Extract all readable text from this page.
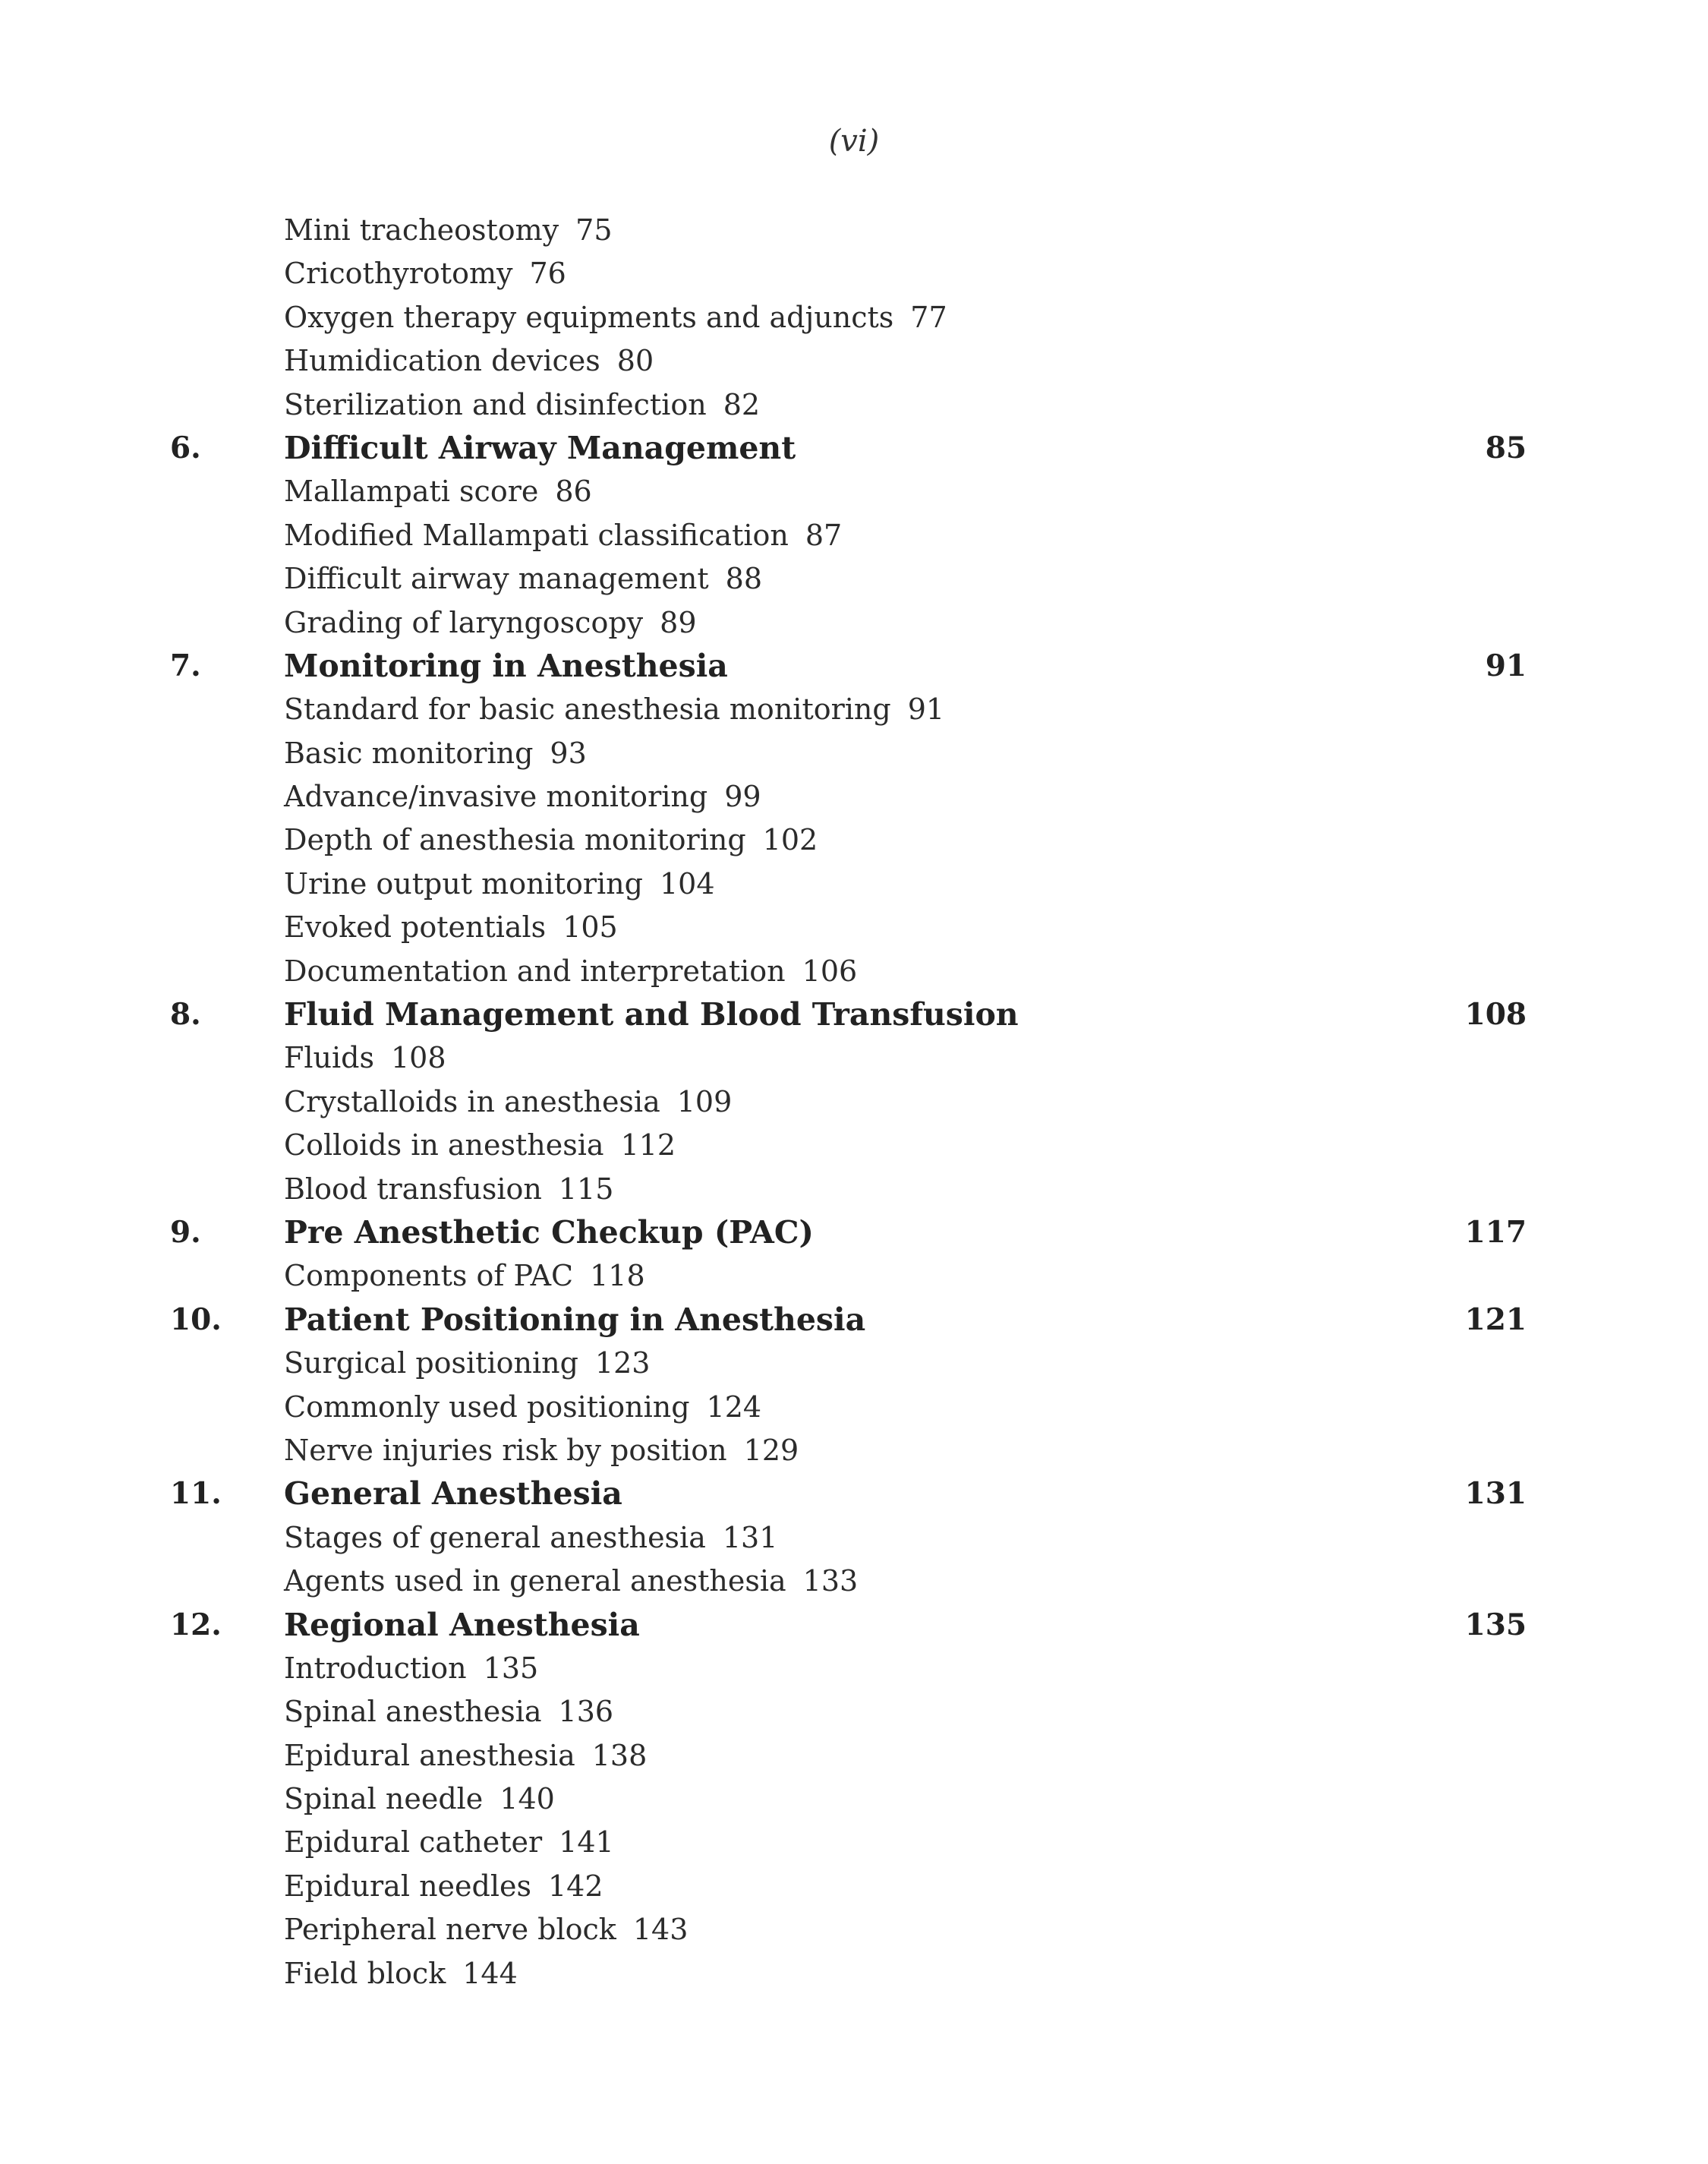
(vi)
Mini tracheostomy 75
Cricothyrotomy 76
Oxygen therapy equipments and adjuncts 77
Humidication devices 80
Sterilization and disinfection 82
6.	Difficult Airway Management	85
Mallampati score 86
Modified Mallampati classification 87
Difficult airway management 88
Grading of laryngoscopy 89
7.	Monitoring in Anesthesia	91
Standard for basic anesthesia monitoring 91
Basic monitoring 93
Advance/invasive monitoring 99
Depth of anesthesia monitoring 102
Urine output monitoring 104
Evoked potentials 105
Documentation and interpretation 106
8.	Fluid Management and Blood Transfusion	108
Fluids 108
Crystalloids in anesthesia 109
Colloids in anesthesia 112
Blood transfusion 115
9.	Pre Anesthetic Checkup (PAC)	117
Components of PAC 118
10. Patient Positioning in Anesthesia	121
Surgical positioning 123
Commonly used positioning 124
Nerve injuries risk by position 129
11. General Anesthesia	131
Stages of general anesthesia 131
Agents used in general anesthesia 133
12. Regional Anesthesia	135
Introduction 135
Spinal anesthesia 136
Epidural anesthesia 138
Spinal needle 140
Epidural catheter 141
Epidural needles 142
Peripheral nerve block 143
Field block 144
